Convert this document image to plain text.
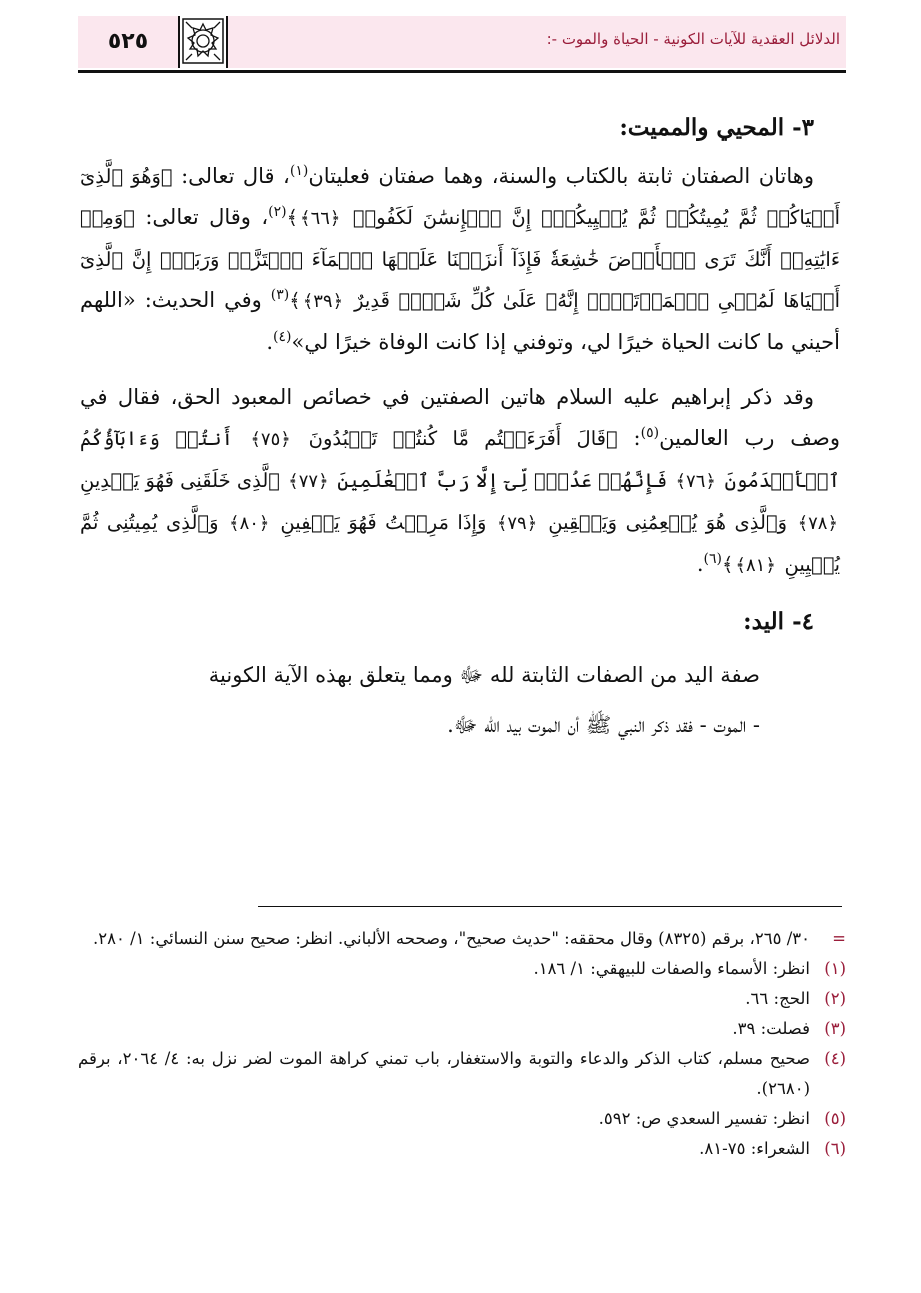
الدلائل العقدية للآيات الكونية - الحياة والموت -:
٥٢٥
٣- المحيي والمميت:

وهاتان الصفتان ثابتة بالكتاب والسنة، وهما صفتان فعليتان$^{(١)}$، قال تعالى: ﴿وَهُوَ ٱلَّذِىٓ أَحۡيَاكُمۡ ثُمَّ يُمِيتُكُمۡ ثُمَّ يُحۡيِيكُمۡۗ إِنَّ ٱلۡإِنسَٰنَ لَكَفُورٞ ﴿٦٦﴾﴾$^{(٢)}$، وقال تعالى: ﴿وَمِنۡ ءَايَٰتِهِۦٓ أَنَّكَ تَرَى ٱلۡأَرۡضَ خَٰشِعَةٗ فَإِذَآ أَنزَلۡنَا عَلَيۡهَا ٱلۡمَآءَ ٱهۡتَزَّتۡ وَرَبَتۡۚ إِنَّ ٱلَّذِىٓ أَحۡيَاهَا لَمُحۡىِ ٱلۡمَوۡتَىٰٓۚ إِنَّهُۥ عَلَىٰ كُلِّ شَىۡءٖ قَدِيرٌ ﴿٣٩﴾﴾$^{(٣)}$ وفي الحديث: «اللهم أحيني ما كانت الحياة خيرًا لي، وتوفني إذا كانت الوفاة خيرًا لي»$^{(٤)}$.

وقد ذكر إبراهيم عليه السلام هاتين الصفتين في خصائص المعبود الحق، فقال في وصف رب العالمين$^{(٥)}$: ﴿قَالَ أَفَرَءَيۡتُم مَّا كُنتُمۡ تَعۡبُدُونَ ﴿٧٥﴾ أَنتُمۡ وَءَابَآؤُكُمُ ٱلۡأَقۡدَمُونَ ﴿٧٦﴾ فَإِنَّهُمۡ عَدُوّٞ لِّىٓ إِلَّا رَبَّ ٱلۡعَٰلَمِينَ ﴿٧٧﴾ ٱلَّذِى خَلَقَنِى فَهُوَ يَهۡدِينِ ﴿٧٨﴾ وَٱلَّذِى هُوَ يُطۡعِمُنِى وَيَسۡقِينِ ﴿٧٩﴾ وَإِذَا مَرِضۡتُ فَهُوَ يَشۡفِينِ ﴿٨٠﴾ وَٱلَّذِى يُمِيتُنِى ثُمَّ يُحۡيِينِ ﴿٨١﴾﴾$^{(٦)}$.

٤- اليد:

صفة اليد من الصفات الثابتة لله ﷻ ومما يتعلق بهذه الآية الكونية

- الموت - فقد ذكر النبي ﷺ أن الموت بيد الله ﷻ.

=
٣٠/ ٢٦٥، برقم (٨٣٢٥) وقال محققه: "حديث صحيح"، وصححه الألباني. انظر: صحيح سنن النسائي: ١/ ٢٨٠.
(١)
انظر: الأسماء والصفات للبيهقي: ١/ ١٨٦.
(٢)
الحج: ٦٦.
(٣)
فصلت: ٣٩.
(٤)
صحيح مسلم، كتاب الذكر والدعاء والتوبة والاستغفار، باب تمني كراهة الموت لضر نزل به: ٤/ ٢٠٦٤، برقم (٢٦٨٠).
(٥)
انظر: تفسير السعدي ص: ٥٩٢.
(٦)
الشعراء: ٧٥-٨١.
